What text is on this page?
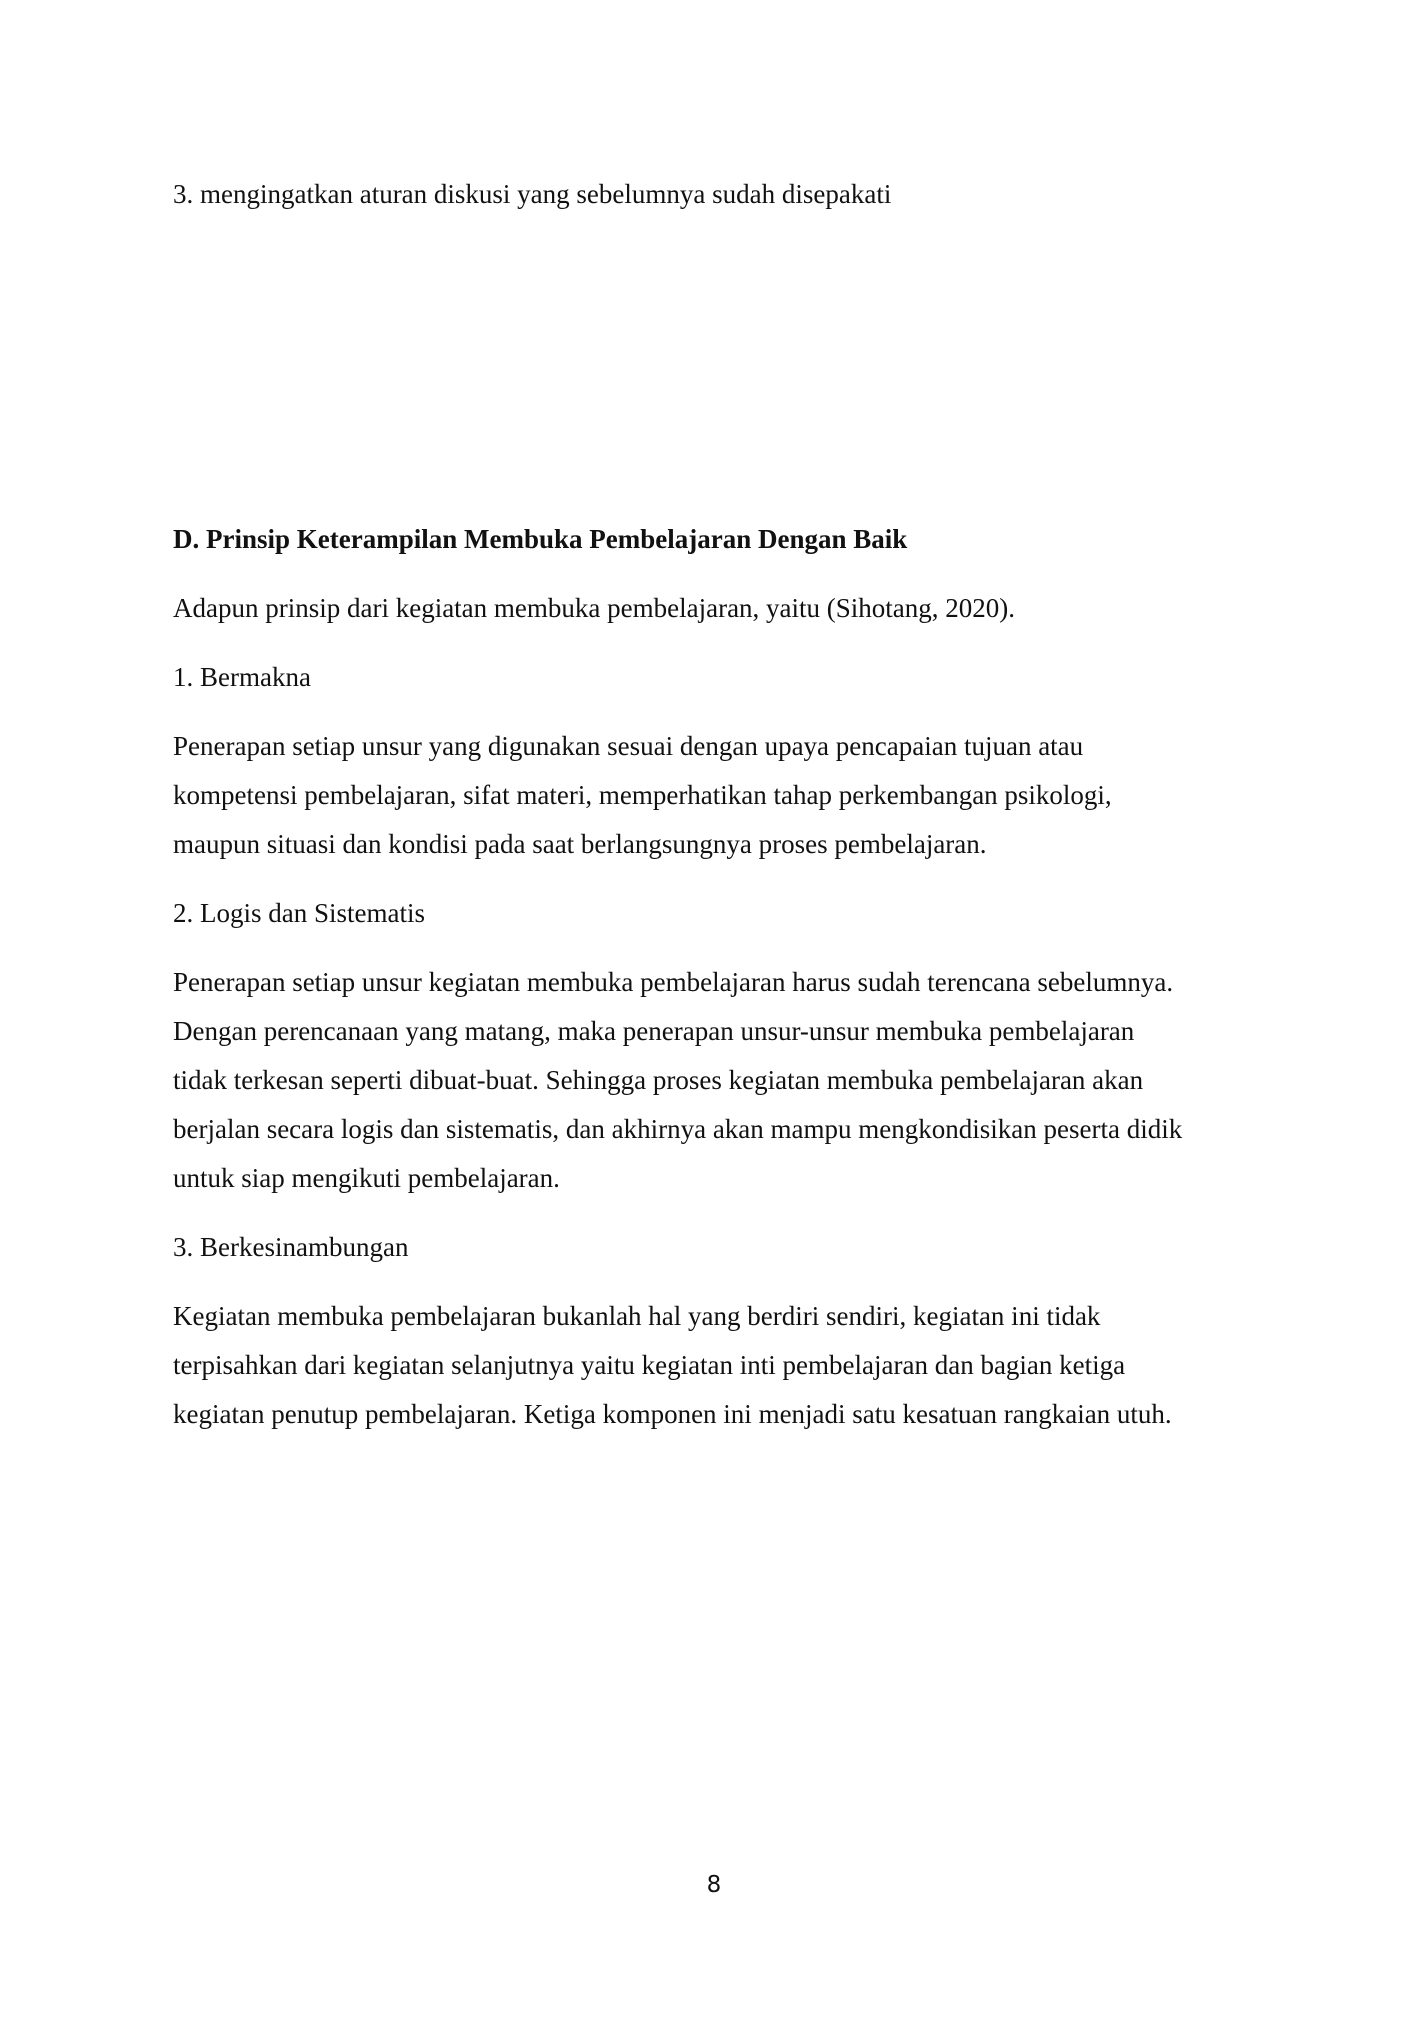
3. mengingatkan aturan diskusi yang sebelumnya sudah disepakati

D. Prinsip Keterampilan Membuka Pembelajaran Dengan Baik

Adapun prinsip dari kegiatan membuka pembelajaran, yaitu (Sihotang, 2020).

1. Bermakna

Penerapan setiap unsur yang digunakan sesuai dengan upaya pencapaian tujuan atau

kompetensi pembelajaran, sifat materi, memperhatikan tahap perkembangan psikologi,

maupun situasi dan kondisi pada saat berlangsungnya proses pembelajaran.

2. Logis dan Sistematis

Penerapan setiap unsur kegiatan membuka pembelajaran harus sudah terencana sebelumnya.

Dengan perencanaan yang matang, maka penerapan unsur-unsur membuka pembelajaran

tidak terkesan seperti dibuat-buat. Sehingga proses kegiatan membuka pembelajaran akan

berjalan secara logis dan sistematis, dan akhirnya akan mampu mengkondisikan peserta didik

untuk siap mengikuti pembelajaran.

3. Berkesinambungan

Kegiatan membuka pembelajaran bukanlah hal yang berdiri sendiri, kegiatan ini tidak

terpisahkan dari kegiatan selanjutnya yaitu kegiatan inti pembelajaran dan bagian ketiga

kegiatan penutup pembelajaran. Ketiga komponen ini menjadi satu kesatuan rangkaian utuh.

8
